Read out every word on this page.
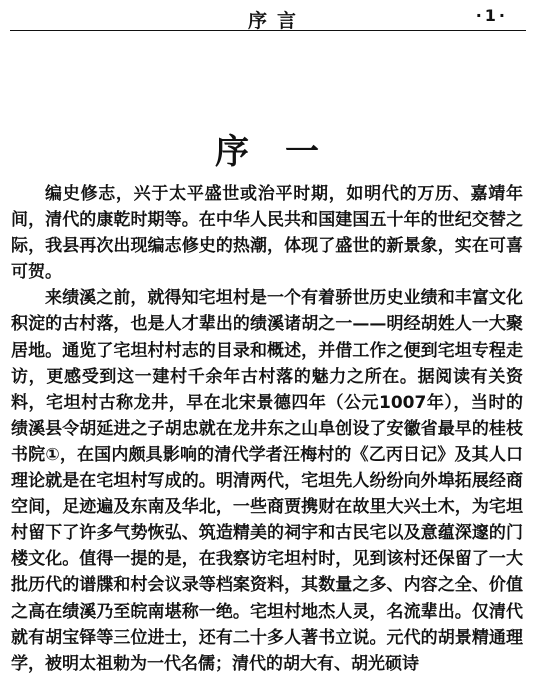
序言	·1·
序一

编史修志，兴于太平盛世或治平时期，如明代的万历、嘉靖年间，清代的康乾时期等。在中华人民共和国建国五十年的世纪交替之际，我县再次出现编志修史的热潮，体现了盛世的新景象，实在可喜可贺。

来绩溪之前，就得知宅坦村是一个有着骄世历史业绩和丰富文化积淀的古村落，也是人才辈出的绩溪诸胡之一——明经胡姓人一大聚居地。通览了宅坦村村志的目录和概述，并借工作之便到宅坦专程走访，更感受到这一建村千余年古村落的魅力之所在。据阅读有关资料，宅坦村古称龙井，早在北宋景德四年（公元1007年），当时的绩溪县令胡延进之子胡忠就在龙井东之山阜创设了安徽省最早的桂枝书院①，在国内颇具影响的清代学者汪梅村的《乙丙日记》及其人口理论就是在宅坦村写成的。明清两代，宅坦先人纷纷向外埠拓展经商空间，足迹遍及东南及华北，一些商贾携财在故里大兴土木，为宅坦村留下了许多气势恢弘、筑造精美的祠宇和古民宅以及意蕴深邃的门楼文化。值得一提的是，在我察访宅坦村时，见到该村还保留了一大批历代的谱牒和村会议录等档案资料，其数量之多、内容之全、价值之高在绩溪乃至皖南堪称一绝。宅坦村地杰人灵，名流辈出。仅清代就有胡宝铎等三位进士，还有二十多人著书立说。元代的胡景精通理学，被明太祖勅为一代名儒；清代的胡大有、胡光硕诗
